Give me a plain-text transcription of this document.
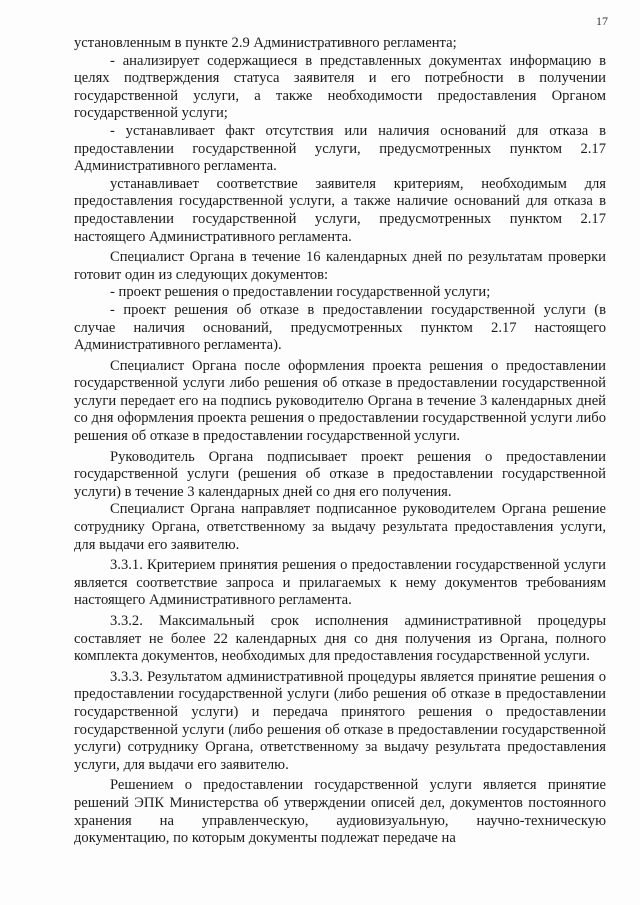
17

установленным в пункте 2.9 Административного регламента;

- анализирует содержащиеся в представленных документах информацию в целях подтверждения статуса заявителя и его потребности в получении государственной услуги, а также необходимости предоставления Органом государственной услуги;

- устанавливает факт отсутствия или наличия оснований для отказа в предоставлении государственной услуги, предусмотренных пунктом 2.17 Административного регламента.

устанавливает соответствие заявителя критериям, необходимым для предоставления государственной услуги, а также наличие оснований для отказа в предоставлении государственной услуги, предусмотренных пунктом 2.17 настоящего Административного регламента.

Специалист Органа в течение 16 календарных дней по результатам проверки готовит один из следующих документов:

- проект решения о предоставлении государственной услуги;

- проект решения об отказе в предоставлении государственной услуги (в случае наличия оснований, предусмотренных пунктом 2.17 настоящего Административного регламента).

Специалист Органа после оформления проекта решения о предоставлении государственной услуги либо решения об отказе в предоставлении государственной услуги передает его на подпись руководителю Органа в течение 3 календарных дней со дня оформления проекта решения о предоставлении государственной услуги либо решения об отказе в предоставлении государственной услуги.

Руководитель Органа подписывает проект решения о предоставлении государственной услуги (решения об отказе в предоставлении государственной услуги) в течение 3 календарных дней со дня его получения.

Специалист Органа направляет подписанное руководителем Органа решение сотруднику Органа, ответственному за выдачу результата предоставления услуги, для выдачи его заявителю.

3.3.1. Критерием принятия решения о предоставлении государственной услуги является соответствие запроса и прилагаемых к нему документов требованиям настоящего Административного регламента.

3.3.2. Максимальный срок исполнения административной процедуры составляет не более 22 календарных дня со дня получения из Органа, полного комплекта документов, необходимых для предоставления государственной услуги.

3.3.3. Результатом административной процедуры является принятие решения о предоставлении государственной услуги (либо решения об отказе в предоставлении государственной услуги) и передача принятого решения о предоставлении государственной услуги (либо решения об отказе в предоставлении государственной услуги) сотруднику Органа, ответственному за выдачу результата предоставления услуги, для выдачи его заявителю.

Решением о предоставлении государственной услуги является принятие решений ЭПК Министерства об утверждении описей дел, документов постоянного хранения на управленческую, аудиовизуальную, научно-техническую документацию, по которым документы подлежат передаче на
